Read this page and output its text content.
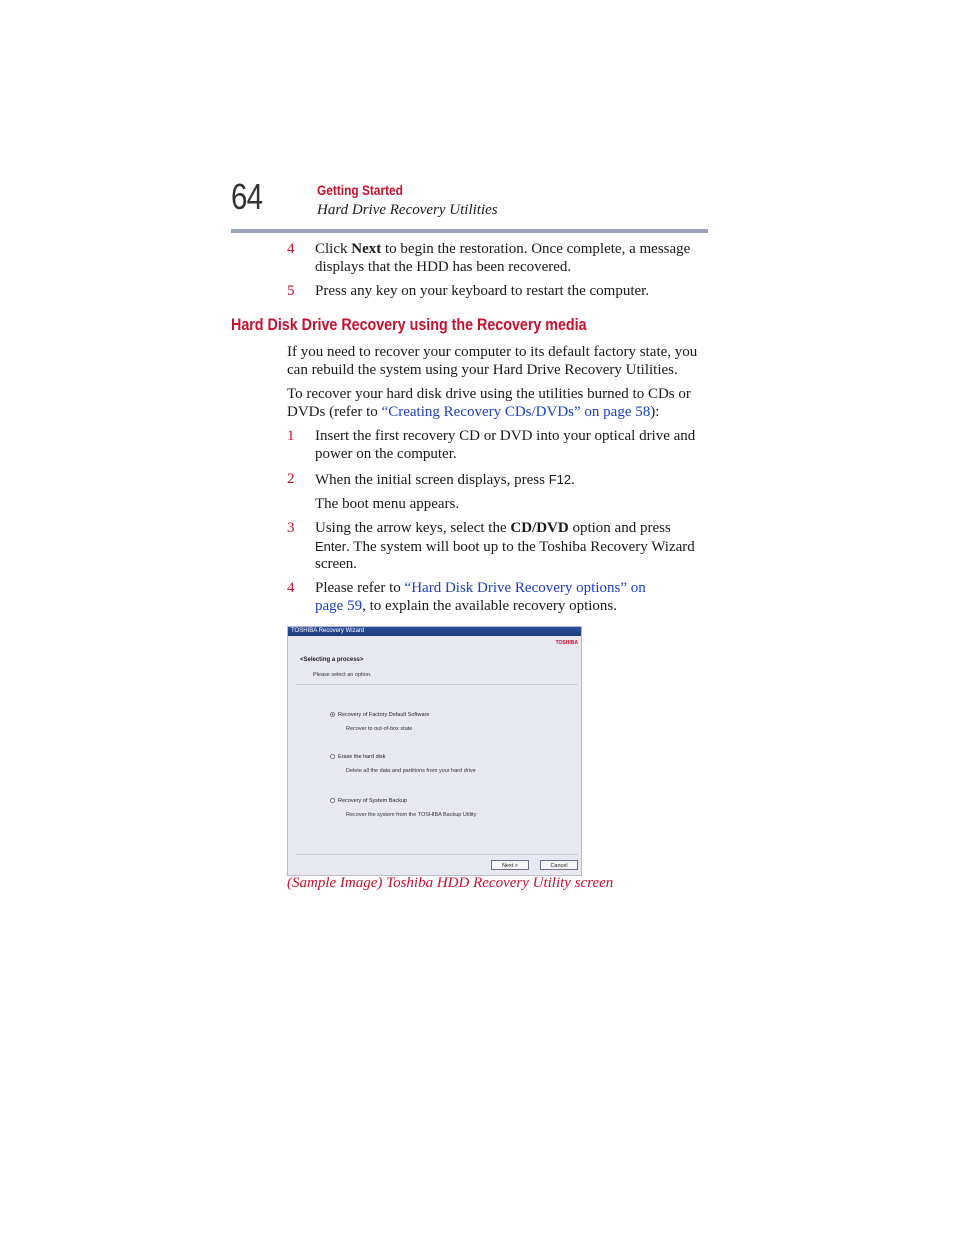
64	Getting Started
Hard Drive Recovery Utilities
4 Click Next to begin the restoration. Once complete, a message displays that the HDD has been recovered.
5 Press any key on your keyboard to restart the computer.
Hard Disk Drive Recovery using the Recovery media
If you need to recover your computer to its default factory state, you can rebuild the system using your Hard Drive Recovery Utilities.
To recover your hard disk drive using the utilities burned to CDs or DVDs (refer to “Creating Recovery CDs/DVDs” on page 58):
1 Insert the first recovery CD or DVD into your optical drive and power on the computer.
2 When the initial screen displays, press F12.
The boot menu appears.
3 Using the arrow keys, select the CD/DVD option and press Enter. The system will boot up to the Toshiba Recovery Wizard screen.
4 Please refer to “Hard Disk Drive Recovery options” on page 59, to explain the available recovery options.
TOSHIBA Recovery Wizard
TOSHIBA
<Selecting a process>
Please select an option.
Recovery of Factory Default Software
Recover to out-of-box state
Erase the hard disk
Delete all the data and partitions from your hard drive
Recovery of System Backup
Recover the system from the TOSHIBA Backup Utility
Next >	Cancel
(Sample Image) Toshiba HDD Recovery Utility screen
